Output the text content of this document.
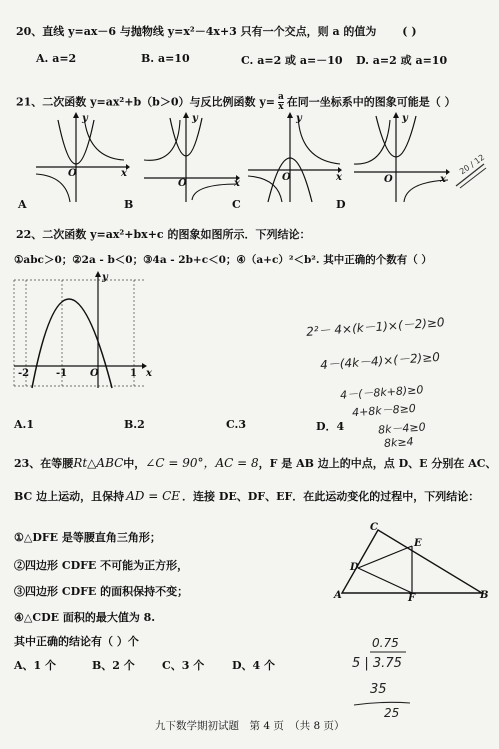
20、直线 y=ax－6 与抛物线 y=x²－4x+3 只有一个交点，则 a 的值为 ( )
A. a=2	B. a=10	C. a=2 或 a=－10 D. a=2 或 a=10
21、二次函数 y=ax²+b（b＞0）与反比例函数 $y= \frac{a}{x}$ 在同一坐标系中的图象可能是（ ）
y
x
O
A
y
x
O
B
y
x
O
C
y
x
O
D
20 / 12
22、二次函数 y=ax²+bx+c 的图象如图所示．下列结论：
①abc＞0；②2a - b＜0；③4a - 2b+c＜0；④（a+c）²＜b². 其中正确的个数有（ ）
y
x
-2	-1 O	1
A.1	B.2	C.3	D．4
2²－ 4×(k－1)×(－2)≥0
4－(4k－4)×(－2)≥0
4－(－8k+8)≥0
4+8k－8≥0
8k－4≥0
8k≥4
23、在等腰Rt△ABC中，∠C = 90°，AC = 8，F 是 AB 边上的中点，点 D、E 分别在 AC、
BC 边上运动，且保持 AD = CE ．连接 DE、DF、EF．在此运动变化的过程中，下列结论：
①△DFE 是等腰直角三角形；
②四边形 CDFE 不可能为正方形，
③四边形 CDFE 的面积保持不变；
④△CDE 面积的最大值为 8.
其中正确的结论有（ ）个
A、1 个	B、2 个 C、3 个	D、4 个
C
E
D
A	F	B
0.75
5 | 3.75
35
25
九下数学期初试题　第 4 页　（共 8 页）
